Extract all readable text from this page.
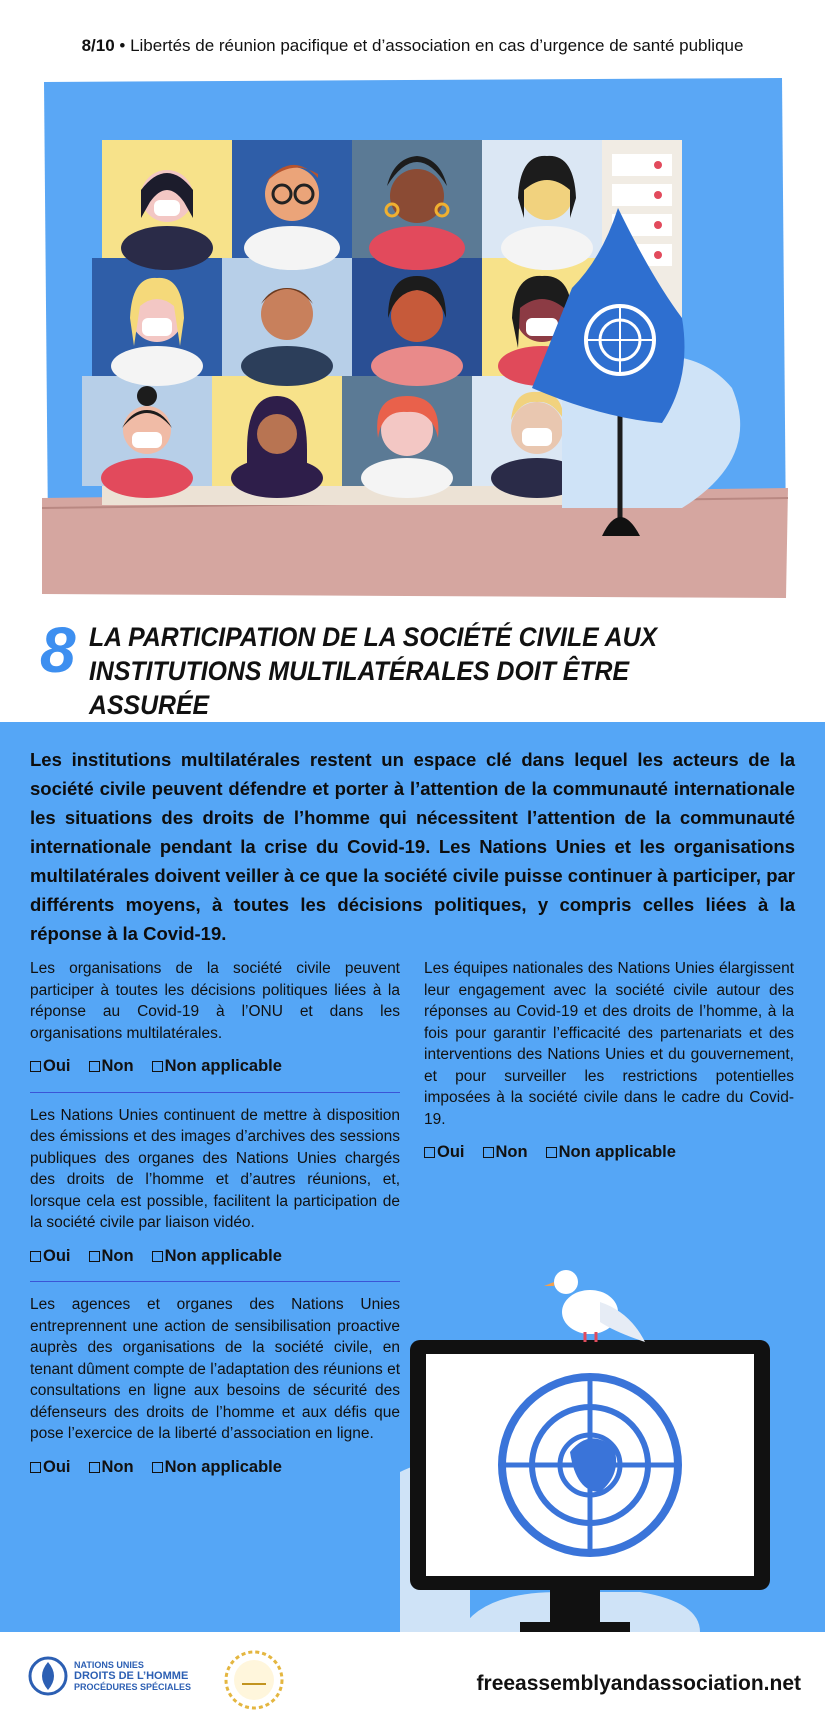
8/10 • Libertés de réunion pacifique et d’association en cas d’urgence de santé publique
8 LA PARTICIPATION DE LA SOCIÉTÉ CIVILE AUX
INSTITUTIONS MULTILATÉRALES DOIT ÊTRE ASSURÉE
Les institutions multilatérales restent un espace clé dans lequel les acteurs de la société civile peuvent défendre et porter à l’attention de la communauté internationale les situations des droits de l’homme qui nécessitent l’attention de la communauté internationale pendant la crise du Covid-19. Les Nations Unies et les organisations multilatérales doivent veiller à ce que la société civile puisse continuer à participer, par différents moyens, à toutes les décisions politiques, y compris celles liées à la réponse à la Covid-19.
Les organisations de la société civile peuvent participer à toutes les décisions politiques liées à la réponse au Covid-19 à l’ONU et dans les organisations multilatérales.
Oui Non Non applicable
Les Nations Unies continuent de mettre à disposition des émissions et des images d’archives des sessions publiques des organes des Nations Unies chargés des droits de l’homme et d’autres réunions, et, lorsque cela est possible, facilitent la participation de la société civile par liaison vidéo.
Oui Non Non applicable
Les agences et organes des Nations Unies entreprennent une action de sensibilisation proactive auprès des organisations de la société civile, en tenant dûment compte de l’adaptation des réunions et consultations en ligne aux besoins de sécurité des défenseurs des droits de l’homme et aux défis que pose l’exercice de la liberté d’association en ligne.
Oui Non Non applicable
Les équipes nationales des Nations Unies élargissent leur engagement avec la société civile autour des réponses au Covid-19 et des droits de l’homme, à la fois pour garantir l’efficacité des partenariats et des interventions des Nations Unies et du gouvernement, et pour surveiller les restrictions potentielles imposées à la société civile dans le cadre du Covid-19.
Oui Non Non applicable
NATIONS UNIES
DROITS DE L’HOMME
PROCÉDURES SPÉCIALES	freeassemblyandassociation.net
